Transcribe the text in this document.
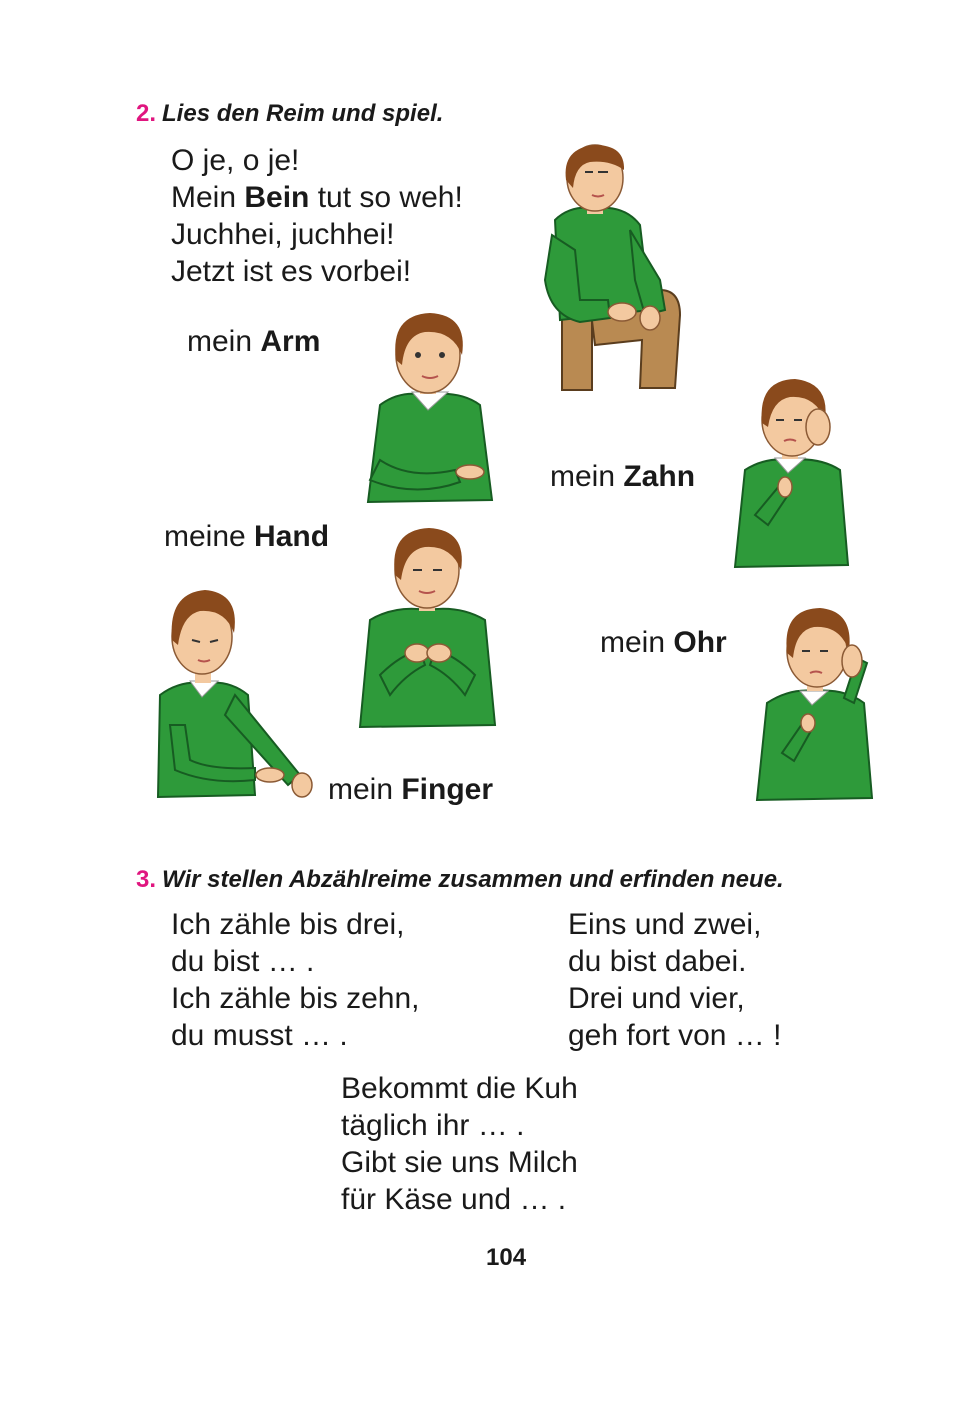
2. Lies den Reim und spiel.
O je, o je!
Mein Bein tut so weh!
Juchhei, juchhei!
Jetzt ist es vorbei!
mein Arm
mein Zahn
meine Hand
mein Ohr
mein Finger
3. Wir stellen Abzählreime zusammen und erfinden neue.
Ich zähle bis drei,
du bist … .
Ich zähle bis zehn,
du musst … .
Eins und zwei,
du bist dabei.
Drei und vier,
geh fort von … !
Bekommt die Kuh
täglich ihr … .
Gibt sie uns Milch
für Käse und … .
104
